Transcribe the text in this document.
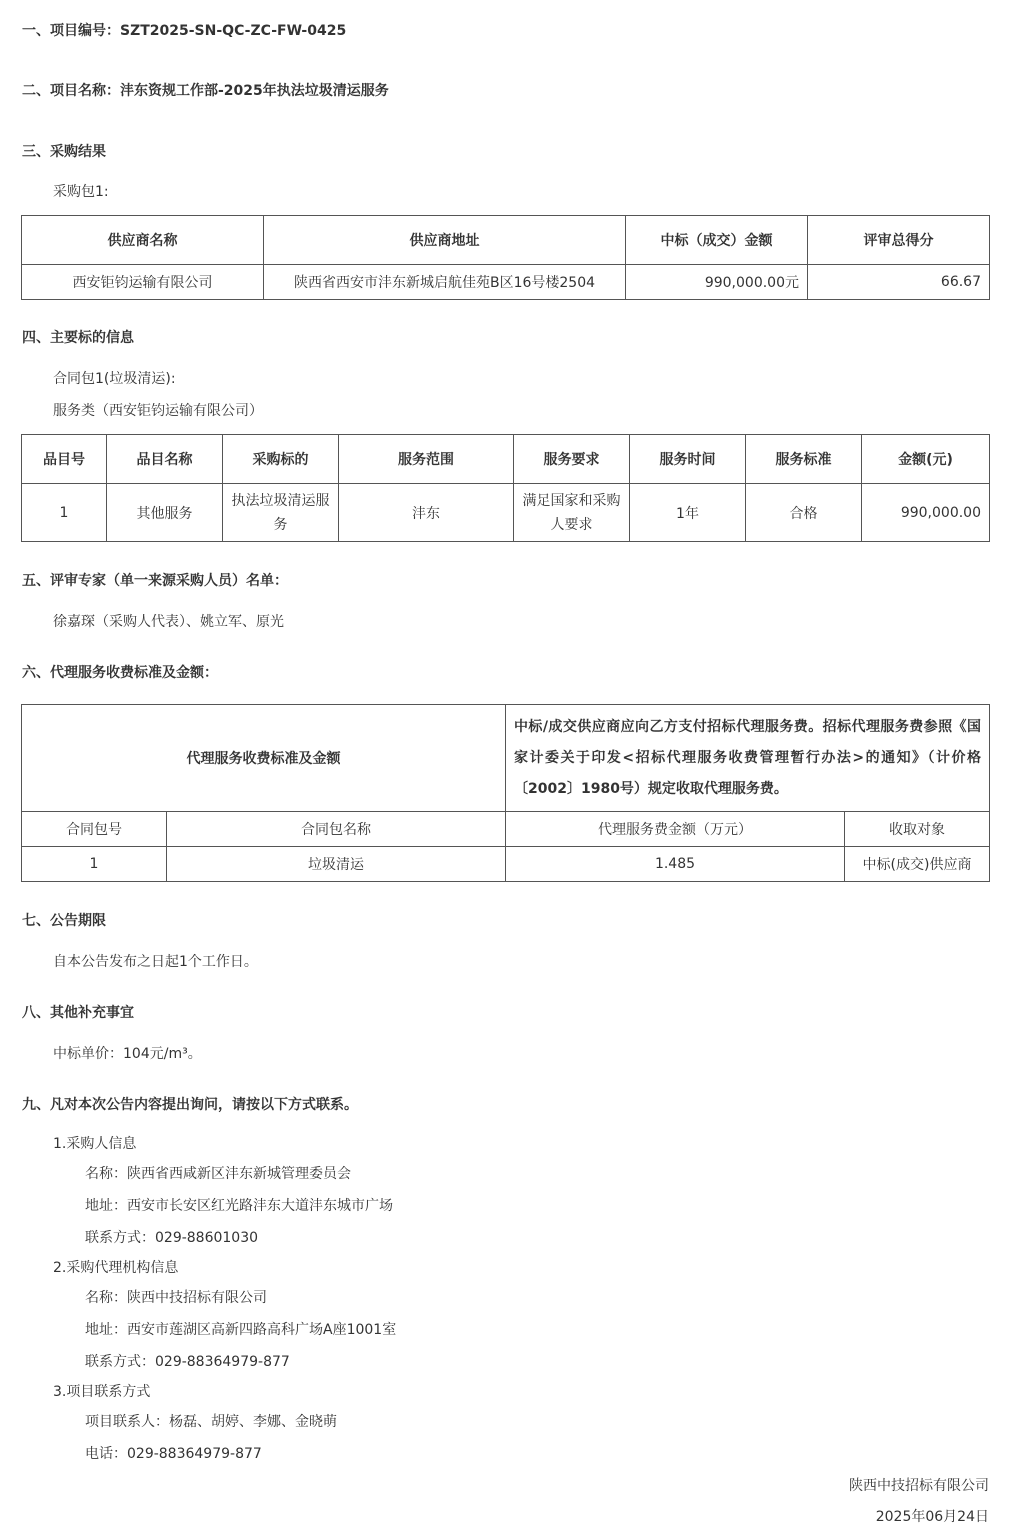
一、项目编号：SZT2025-SN-QC-ZC-FW-0425
二、项目名称：沣东资规工作部-2025年执法垃圾清运服务
三、采购结果
采购包1:
供应商名称	供应商地址	中标（成交）金额	评审总得分
西安钜钧运输有限公司	陕西省西安市沣东新城启航佳苑B区16号楼2504	990,000.00元	66.67
四、主要标的信息
合同包1(垃圾清运):
服务类（西安钜钧运输有限公司）
品目号	品目名称	采购标的	服务范围	服务要求	服务时间	服务标准	金额(元)
1	其他服务	执法垃圾清运服务	沣东	满足国家和采购人要求	1年	合格	990,000.00
五、评审专家（单一来源采购人员）名单：
徐嘉琛（采购人代表）、姚立军、原光
六、代理服务收费标准及金额：
代理服务收费标准及金额		中标/成交供应商应向乙方支付招标代理服务费。招标代理服务费参照《国家计委关于印发<招标代理服务收费管理暂行办法>的通知》（计价格〔2002〕1980号）规定收取代理服务费。	
合同包号	合同包名称	代理服务费金额（万元）	收取对象
1	垃圾清运	1.485	中标(成交)供应商
七、公告期限
自本公告发布之日起1个工作日。
八、其他补充事宜
中标单价：104元/m³。
九、凡对本次公告内容提出询问，请按以下方式联系。
1.采购人信息
名称：陕西省西咸新区沣东新城管理委员会
地址：西安市长安区红光路沣东大道沣东城市广场
联系方式：029-88601030
2.采购代理机构信息
名称：陕西中技招标有限公司
地址：西安市莲湖区高新四路高科广场A座1001室
联系方式：029-88364979-877
3.项目联系方式
项目联系人：杨磊、胡婷、李娜、金晓萌
电话：029-88364979-877
陕西中技招标有限公司
2025年06月24日
